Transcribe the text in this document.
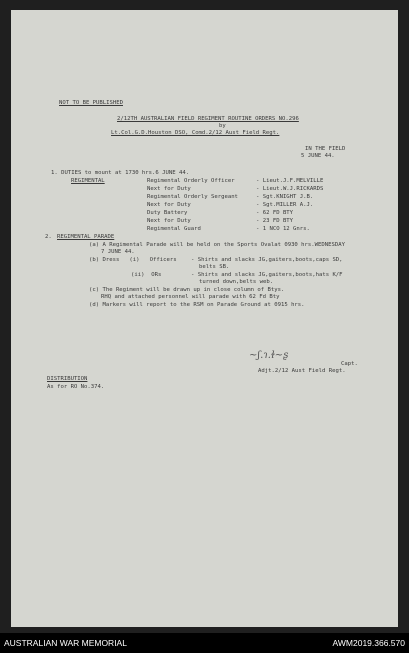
NOT TO BE PUBLISHED
2/12TH AUSTRALIAN FIELD REGIMENT ROUTINE ORDERS NO.296
by
Lt.Col.G.D.Houston DSO, Comd.2/12 Aust Field Regt.
IN THE FIELD
5 JUNE 44.
1. DUTIES to mount at 1730 hrs.6 JUNE 44.
REGIMENTAL	Regimental Orderly Officer	- Lieut.J.F.MELVILLE
Next for Duty	- Lieut.W.J.RICKARDS
Regimental Orderly Sergeant	- Sgt.KNIGHT J.B.
Next for Duty	- Sgt.MILLER A.J.
Duty Battery	- 62 FD BTY
Next for Duty	- 23 FD BTY
Regimental Guard	- 1 NCO 12 Gnrs.
2. REGIMENTAL PARADE
(a) A Regimental Parade will be held on the Sports Ovalat 0930 hrs.WEDNESDAY
7 JUNE 44.
(b) Dress   (i)   Officers	- Shirts and slacks JG,gaiters,boots,caps SD,
belts SB.
(ii)  ORs	- Shirts and slacks JG,gaiters,boots,hats K/F
turned down,belts web.
(c) The Regiment will be drawn up in close column of Btys.
RHQ and attached personnel will parade with 62 Fd Bty
(d) Markers will report to the RSM on Parade Ground at 0915 hrs.
~ʃ.ɿ.ɫ~ʂ
Capt.
Adjt.2/12 Aust Field Regt.
DISTRIBUTION
As for RO No.374.
AUSTRALIAN WAR MEMORIAL	AWM2019.366.570
